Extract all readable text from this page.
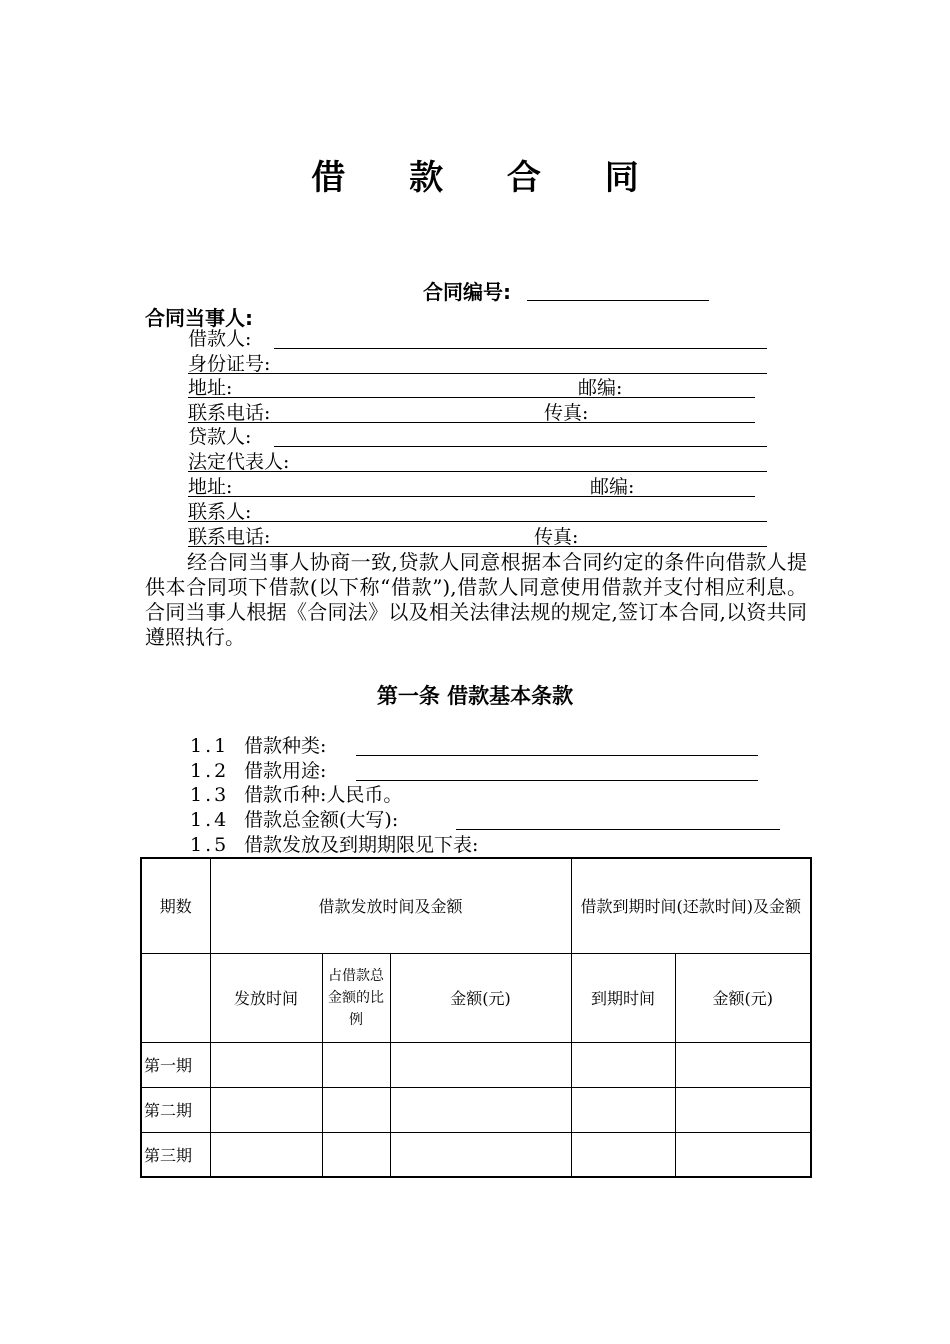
借 款 合 同
合同编号:
合同当事人:
借款人:
身份证号:
地址:	邮编:
联系电话:	传真:
贷款人:
法定代表人:
地址:	邮编:
联系人:
联系电话:	传真:

经合同当事人协商一致,贷款人同意根据本合同约定的条件向借款人提供本合同项下借款(以下称“借款”),借款人同意使用借款并支付相应利息。合同当事人根据《合同法》以及相关法律法规的规定,签订本合同,以资共同遵照执行。

第一条 借款基本条款
1.1 借款种类:
1.2 借款用途:
1.3 借款币种:人民币。
1.4 借款总金额(大写):
1.5 借款发放及到期期限见下表:
期数	借款发放时间及金额			借款到期时间(还款时间)及金额	
	发放时间	占借款总金额的比例	金额(元)	到期时间	金额(元)
第一期					
第二期					
第三期					
